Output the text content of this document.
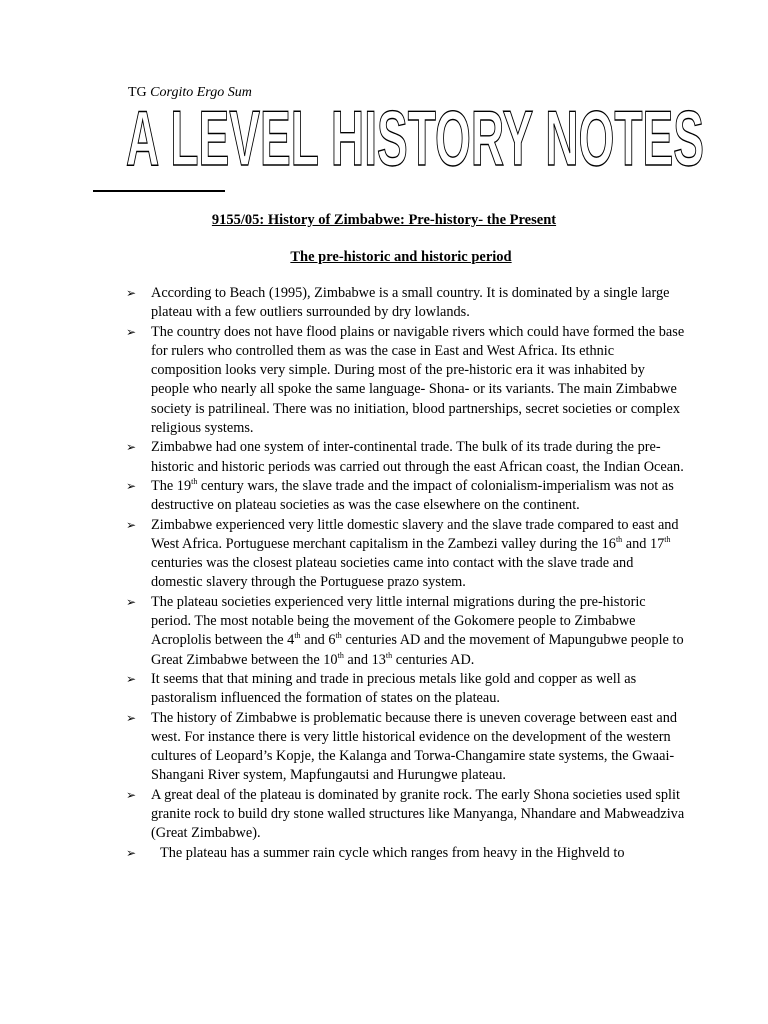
TG Corgito Ergo Sum
A LEVEL HISTORY NOTES
9155/05: History of Zimbabwe: Pre-history- the Present
The pre-historic and historic period
➢ According to Beach (1995), Zimbabwe is a small country. It is dominated by a single large plateau with a few outliers surrounded by dry lowlands.
➢ The country does not have flood plains or navigable rivers which could have formed the base for rulers who controlled them as was the case in East and West Africa. Its ethnic composition looks very simple. During most of the pre-historic era it was inhabited by people who nearly all spoke the same language- Shona- or its variants. The main Zimbabwe society is patrilineal. There was no initiation, blood partnerships, secret societies or complex religious systems.
➢ Zimbabwe had one system of inter-continental trade. The bulk of its trade during the pre-historic and historic periods was carried out through the east African coast, the Indian Ocean.
➢ The 19th century wars, the slave trade and the impact of colonialism-imperialism was not as destructive on plateau societies as was the case elsewhere on the continent.
➢ Zimbabwe experienced very little domestic slavery and the slave trade compared to east and West Africa. Portuguese merchant capitalism in the Zambezi valley during the 16th and 17th centuries was the closest plateau societies came into contact with the slave trade and domestic slavery through the Portuguese prazo system.
➢ The plateau societies experienced very little internal migrations during the pre-historic period. The most notable being the movement of the Gokomere people to Zimbabwe Acroplolis between the 4th and 6th centuries AD and the movement of Mapungubwe people to Great Zimbabwe between the 10th and 13th centuries AD.
➢ It seems that that mining and trade in precious metals like gold and copper as well as pastoralism influenced the formation of states on the plateau.
➢ The history of Zimbabwe is problematic because there is uneven coverage between east and west. For instance there is very little historical evidence on the development of the western cultures of Leopard’s Kopje, the Kalanga and Torwa-Changamire state systems, the Gwaai-Shangani River system, Mapfungautsi and Hurungwe plateau.
➢ A great deal of the plateau is dominated by granite rock. The early Shona societies used split granite rock to build dry stone walled structures like Manyanga, Nhandare and Mabweadziva (Great Zimbabwe).
➢ The plateau has a summer rain cycle which ranges from heavy in the Highveld to
